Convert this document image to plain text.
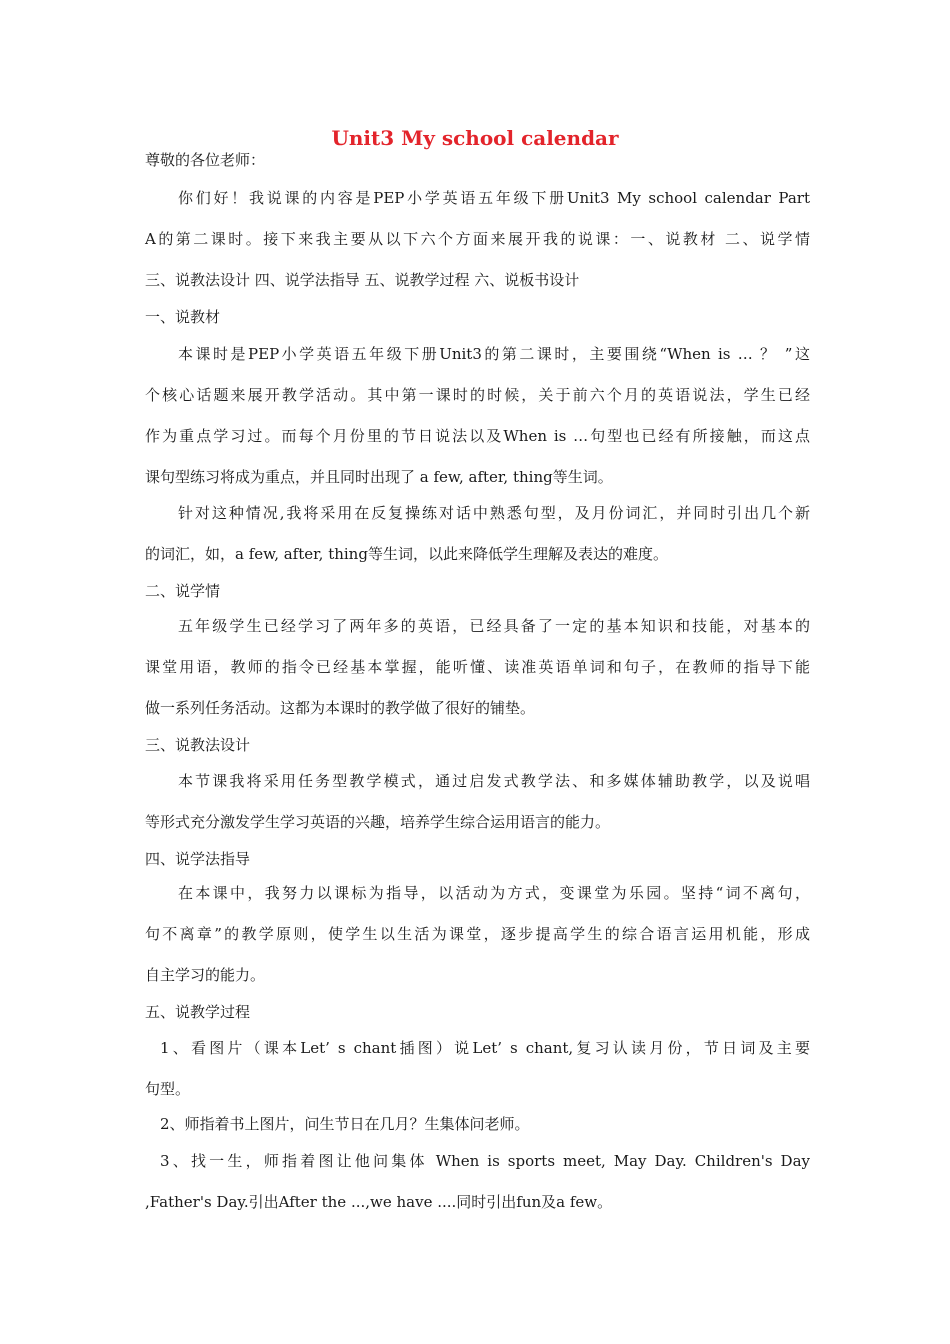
Unit3 My school calendar
尊敬的各位老师：
你们好！我说课的内容是PEP小学英语五年级下册Unit3 My school calendar Part
A的第二课时。接下来我主要从以下六个方面来展开我的说课：一、说教材 二、说学情
三、说教法设计 四、说学法指导 五、说教学过程 六、说板书设计
一、说教材
本课时是PEP小学英语五年级下册Unit3的第二课时，主要围绕“When is … ？ ”这
个核心话题来展开教学活动。其中第一课时的时候，关于前六个月的英语说法，学生已经
作为重点学习过。而每个月份里的节日说法以及When is …句型也已经有所接触，而这点
课句型练习将成为重点，并且同时出现了 a few, after, thing等生词。
针对这种情况,我将采用在反复操练对话中熟悉句型，及月份词汇，并同时引出几个新
的词汇，如，a few, after, thing等生词，以此来降低学生理解及表达的难度。
二、说学情
五年级学生已经学习了两年多的英语，已经具备了一定的基本知识和技能，对基本的
课堂用语，教师的指令已经基本掌握，能听懂、读准英语单词和句子，在教师的指导下能
做一系列任务活动。这都为本课时的教学做了很好的铺垫。
三、说教法设计
本节课我将采用任务型教学模式，通过启发式教学法、和多媒体辅助教学，以及说唱
等形式充分激发学生学习英语的兴趣，培养学生综合运用语言的能力。
四、说学法指导
在本课中，我努力以课标为指导，以活动为方式，变课堂为乐园。坚持“词不离句，
句不离章”的教学原则，使学生以生活为课堂，逐步提高学生的综合语言运用机能，形成
自主学习的能力。
五、说教学过程
1、看图片（课本Let’ s chant插图）说Let’ s chant,复习认读月份，节日词及主要
句型。
2、师指着书上图片，问生节日在几月？生集体问老师。
3、找一生，师指着图让他问集体 When is sports meet, May Day. Children's Day
,Father's Day.引出After the ...,we have ....同时引出fun及a few。
